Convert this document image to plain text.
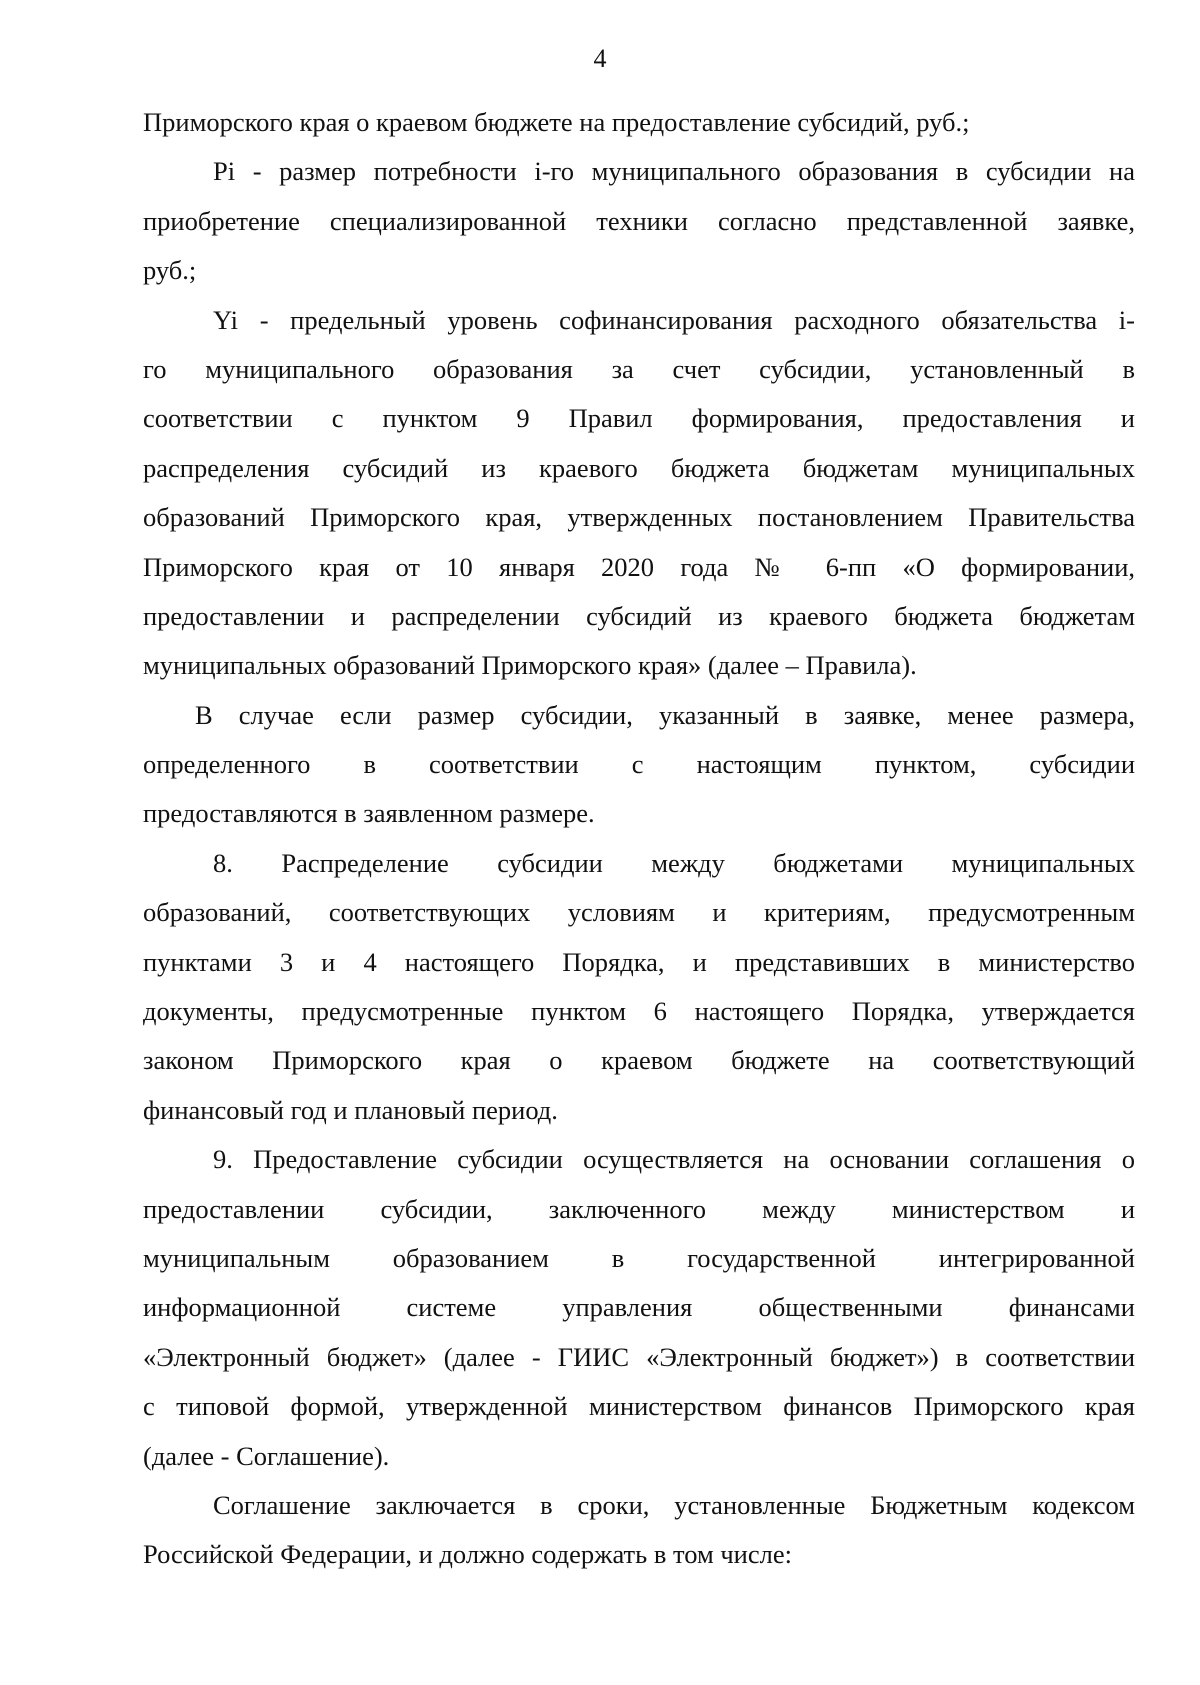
4
Приморского края о краевом бюджете на предоставление субсидий, руб.;
Pi - размер потребности i-го муниципального образования в субсидии на
приобретение специализированной техники согласно представленной заявке,
руб.;
Yi - предельный уровень софинансирования расходного обязательства i-
го муниципального образования за счет субсидии, установленный в
соответствии с пунктом 9 Правил формирования, предоставления и
распределения субсидий из краевого бюджета бюджетам муниципальных
образований Приморского края, утвержденных постановлением Правительства
Приморского края от 10 января 2020 года № 6-пп «О формировании,
предоставлении и распределении субсидий из краевого бюджета бюджетам
муниципальных образований Приморского края» (далее – Правила).
В случае если размер субсидии, указанный в заявке, менее размера,
определенного в соответствии с настоящим пунктом, субсидии
предоставляются в заявленном размере.
8. Распределение субсидии между бюджетами муниципальных
образований, соответствующих условиям и критериям, предусмотренным
пунктами 3 и 4 настоящего Порядка, и представивших в министерство
документы, предусмотренные пунктом 6 настоящего Порядка, утверждается
законом Приморского края о краевом бюджете на соответствующий
финансовый год и плановый период.
9. Предоставление субсидии осуществляется на основании соглашения о
предоставлении субсидии, заключенного между министерством и
муниципальным образованием в государственной интегрированной
информационной системе управления общественными финансами
«Электронный бюджет» (далее - ГИИС «Электронный бюджет») в соответствии
с типовой формой, утвержденной министерством финансов Приморского края
(далее - Соглашение).
Соглашение заключается в сроки, установленные Бюджетным кодексом
Российской Федерации, и должно содержать в том числе:
